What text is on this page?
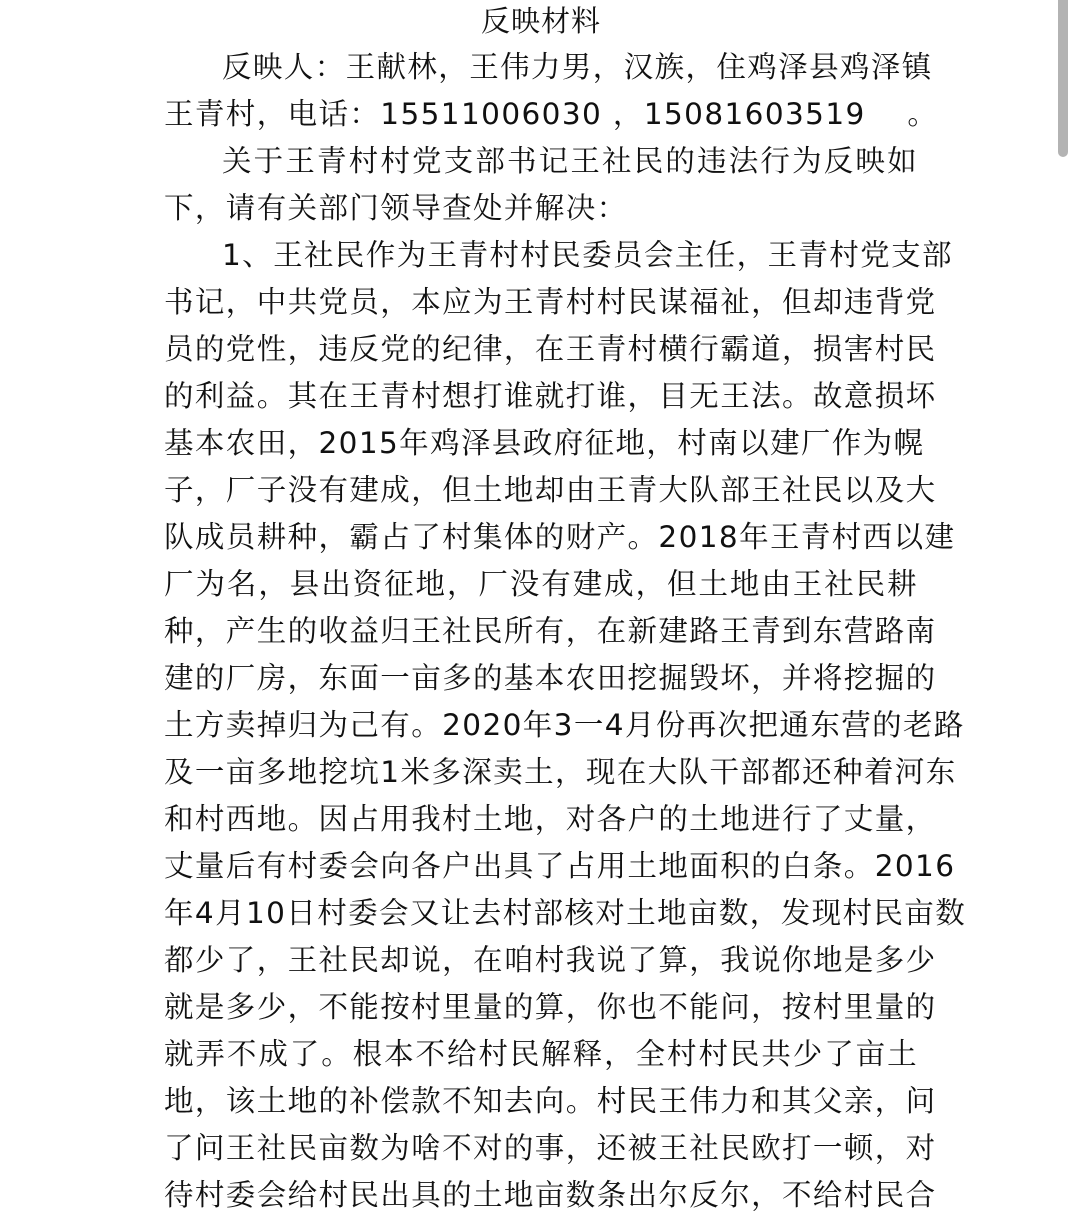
反映材料
反映人：王献林，王伟力男，汉族，住鸡泽县鸡泽镇
王青村，电话：15511006030 ，15081603519　 。
关于王青村村党支部书记王社民的违法行为反映如
下，请有关部门领导查处并解决：
1、王社民作为王青村村民委员会主任，王青村党支部
书记，中共党员，本应为王青村村民谋福祉，但却违背党
员的党性，违反党的纪律，在王青村横行霸道，损害村民
的利益。其在王青村想打谁就打谁，目无王法。故意损坏
基本农田，2015年鸡泽县政府征地，村南以建厂作为幌
子，厂子没有建成，但土地却由王青大队部王社民以及大
队成员耕种，霸占了村集体的财产。2018年王青村西以建
厂为名，县出资征地，厂没有建成，但土地由王社民耕
种，产生的收益归王社民所有，在新建路王青到东营路南
建的厂房，东面一亩多的基本农田挖掘毁坏，并将挖掘的
土方卖掉归为己有。2020年3一4月份再次把通东营的老路
及一亩多地挖坑1米多深卖土，现在大队干部都还种着河东
和村西地。因占用我村土地，对各户的土地进行了丈量，
丈量后有村委会向各户出具了占用土地面积的白条。2016
年4月10日村委会又让去村部核对土地亩数，发现村民亩数
都少了，王社民却说，在咱村我说了算，我说你地是多少
就是多少，不能按村里量的算，你也不能问，按村里量的
就弄不成了。根本不给村民解释，全村村民共少了亩土
地，该土地的补偿款不知去向。村民王伟力和其父亲，问
了问王社民亩数为啥不对的事，还被王社民欧打一顿，对
待村委会给村民出具的土地亩数条出尔反尔，不给村民合
